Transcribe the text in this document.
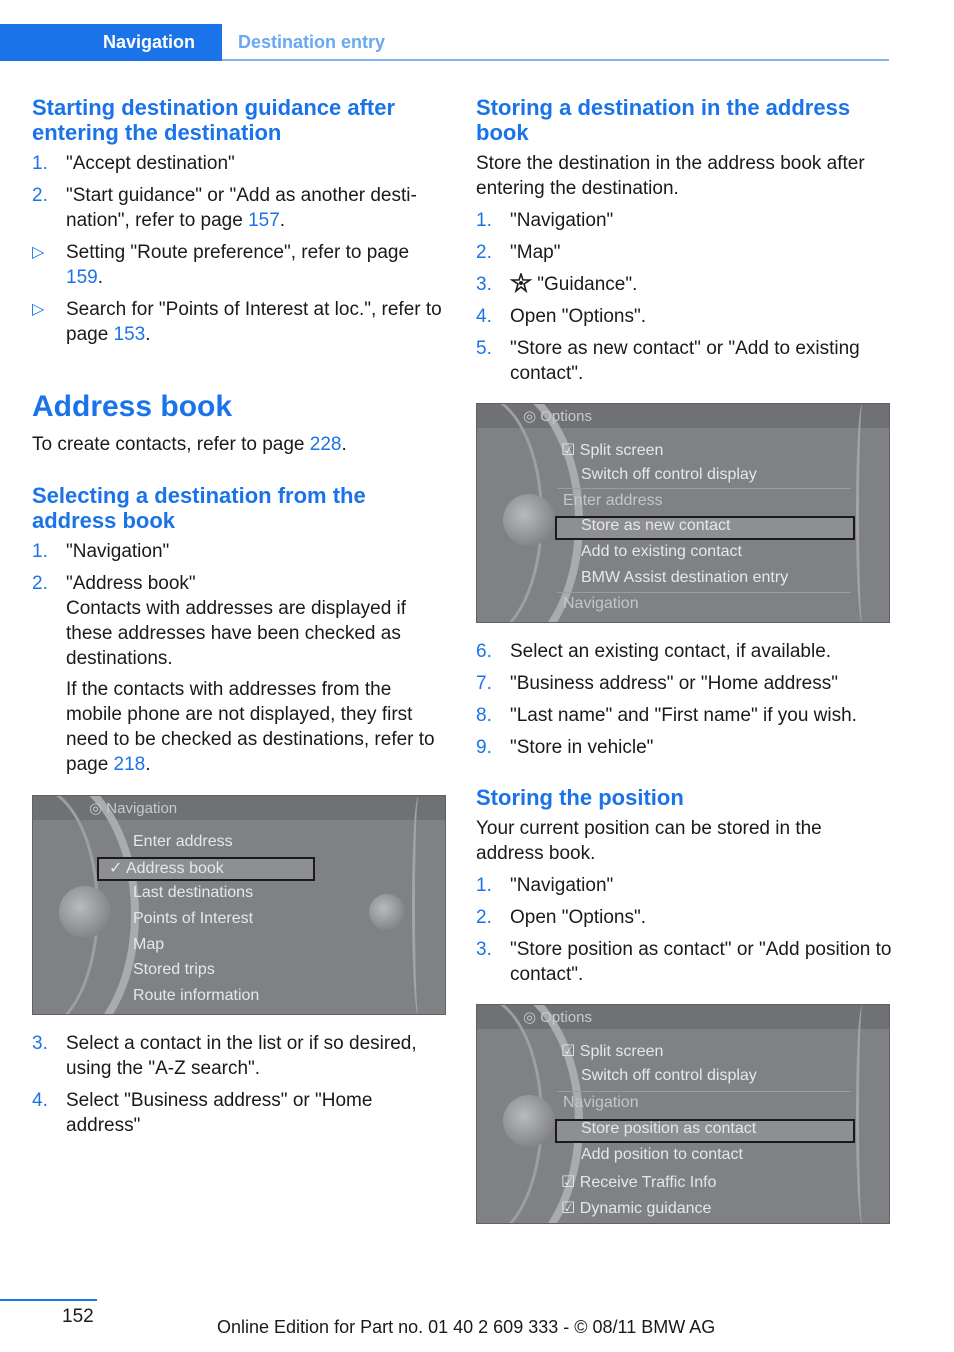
Navigation	Destination entry
Starting destination guidance after entering the destination
1. "Accept destination"
2. "Start guidance" or "Add as another desti-nation", refer to page 157.
▷	Setting "Route preference", refer to page 159.
▷	Search for "Points of Interest at loc.", refer to page 153.
Address book

To create contacts, refer to page 228.

Selecting a destination from the address book
1. "Navigation"
2. "Address book"
Contacts with addresses are displayed if these addresses have been checked as destinations.
If the contacts with addresses from the mobile phone are not displayed, they first need to be checked as destinations, refer to page 218.
◎ Navigation
Enter address
✓ Address book
Last destinations
Points of Interest
Map
Stored trips
Route information
3. Select a contact in the list or if so desired, using the "A-Z search".
4. Select "Business address" or "Home address"
Storing a destination in the address book

Store the destination in the address book after entering the destination.

1. "Navigation"
2. "Map"
3.	"Guidance".
4. Open "Options".
5. "Store as new contact" or "Add to existing contact".
◎ Options
☑ Split screen
Switch off control display
Enter address
Store as new contact
Add to existing contact
BMW Assist destination entry
Navigation
6. Select an existing contact, if available.
7. "Business address" or "Home address"
8. "Last name" and "First name" if you wish.
9. "Store in vehicle"
Storing the position

Your current position can be stored in the address book.

1. "Navigation"
2. Open "Options".
3. "Store position as contact" or "Add position to contact".
◎ Options
☑ Split screen
Switch off control display
Navigation
Store position as contact
Add position to contact
☑ Receive Traffic Info
☑ Dynamic guidance
152	Online Edition for Part no. 01 40 2 609 333 - © 08/11 BMW AG
